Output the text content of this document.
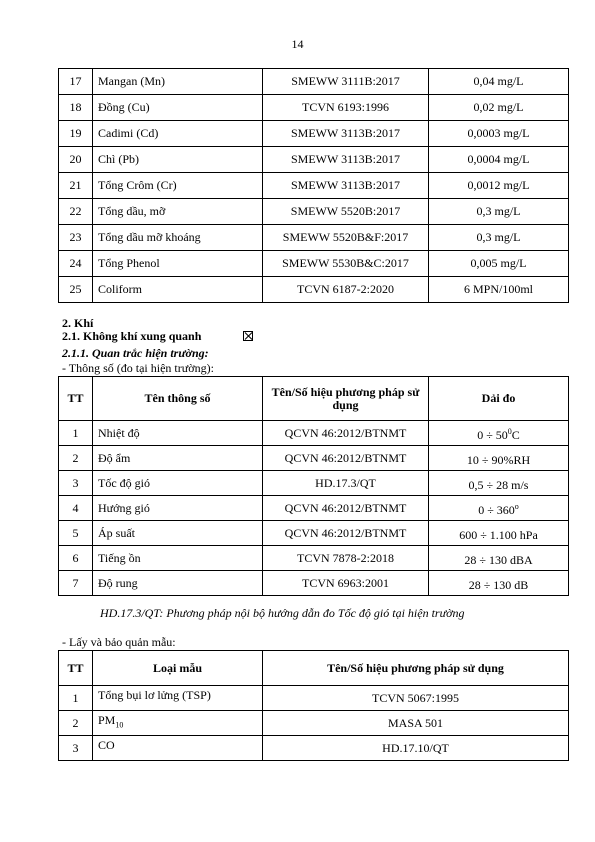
14
17	Mangan (Mn)	SMEWW 3111B:2017	0,04 mg/L
18	Đồng (Cu)	TCVN 6193:1996	0,02 mg/L
19	Cadimi (Cd)	SMEWW 3113B:2017	0,0003 mg/L
20	Chì (Pb)	SMEWW 3113B:2017	0,0004 mg/L
21	Tổng Crôm (Cr)	SMEWW 3113B:2017	0,0012 mg/L
22	Tổng dầu, mỡ	SMEWW 5520B:2017	0,3 mg/L
23	Tổng dầu mỡ khoáng	SMEWW 5520B&F:2017	0,3 mg/L
24	Tổng Phenol	SMEWW 5530B&C:2017	0,005 mg/L
25	Coliform	TCVN 6187-2:2020	6 MPN/100ml
2. Khí
2.1. Không khí xung quanh
2.1.1. Quan trắc hiện trường:
- Thông số (đo tại hiện trường):
TT	Tên thông số	Tên/Số hiệu phương pháp sử dụng	Dải đo
1	Nhiệt độ	QCVN 46:2012/BTNMT	$0 \div 50^0C$
2	Độ ẩm	QCVN 46:2012/BTNMT	10 ÷ 90%RH
3	Tốc độ gió	HD.17.3/QT	0,5 ÷ 28 m/s
4	Hướng gió	QCVN 46:2012/BTNMT	$0 \div 360^o$
5	Áp suất	QCVN 46:2012/BTNMT	600 ÷ 1.100 hPa
6	Tiếng ồn	TCVN 7878-2:2018	28 ÷ 130 dBA
7	Độ rung	TCVN 6963:2001	28 ÷ 130 dB
HD.17.3/QT: Phương pháp nội bộ hướng dẫn đo Tốc độ gió tại hiện trường
- Lấy và bảo quản mẫu:
TT	Loại mẫu	Tên/Số hiệu phương pháp sử dụng
1	Tổng bụi lơ lửng (TSP)	TCVN 5067:1995
2	$PM_{10}$	MASA 501
3	CO	HD.17.10/QT
